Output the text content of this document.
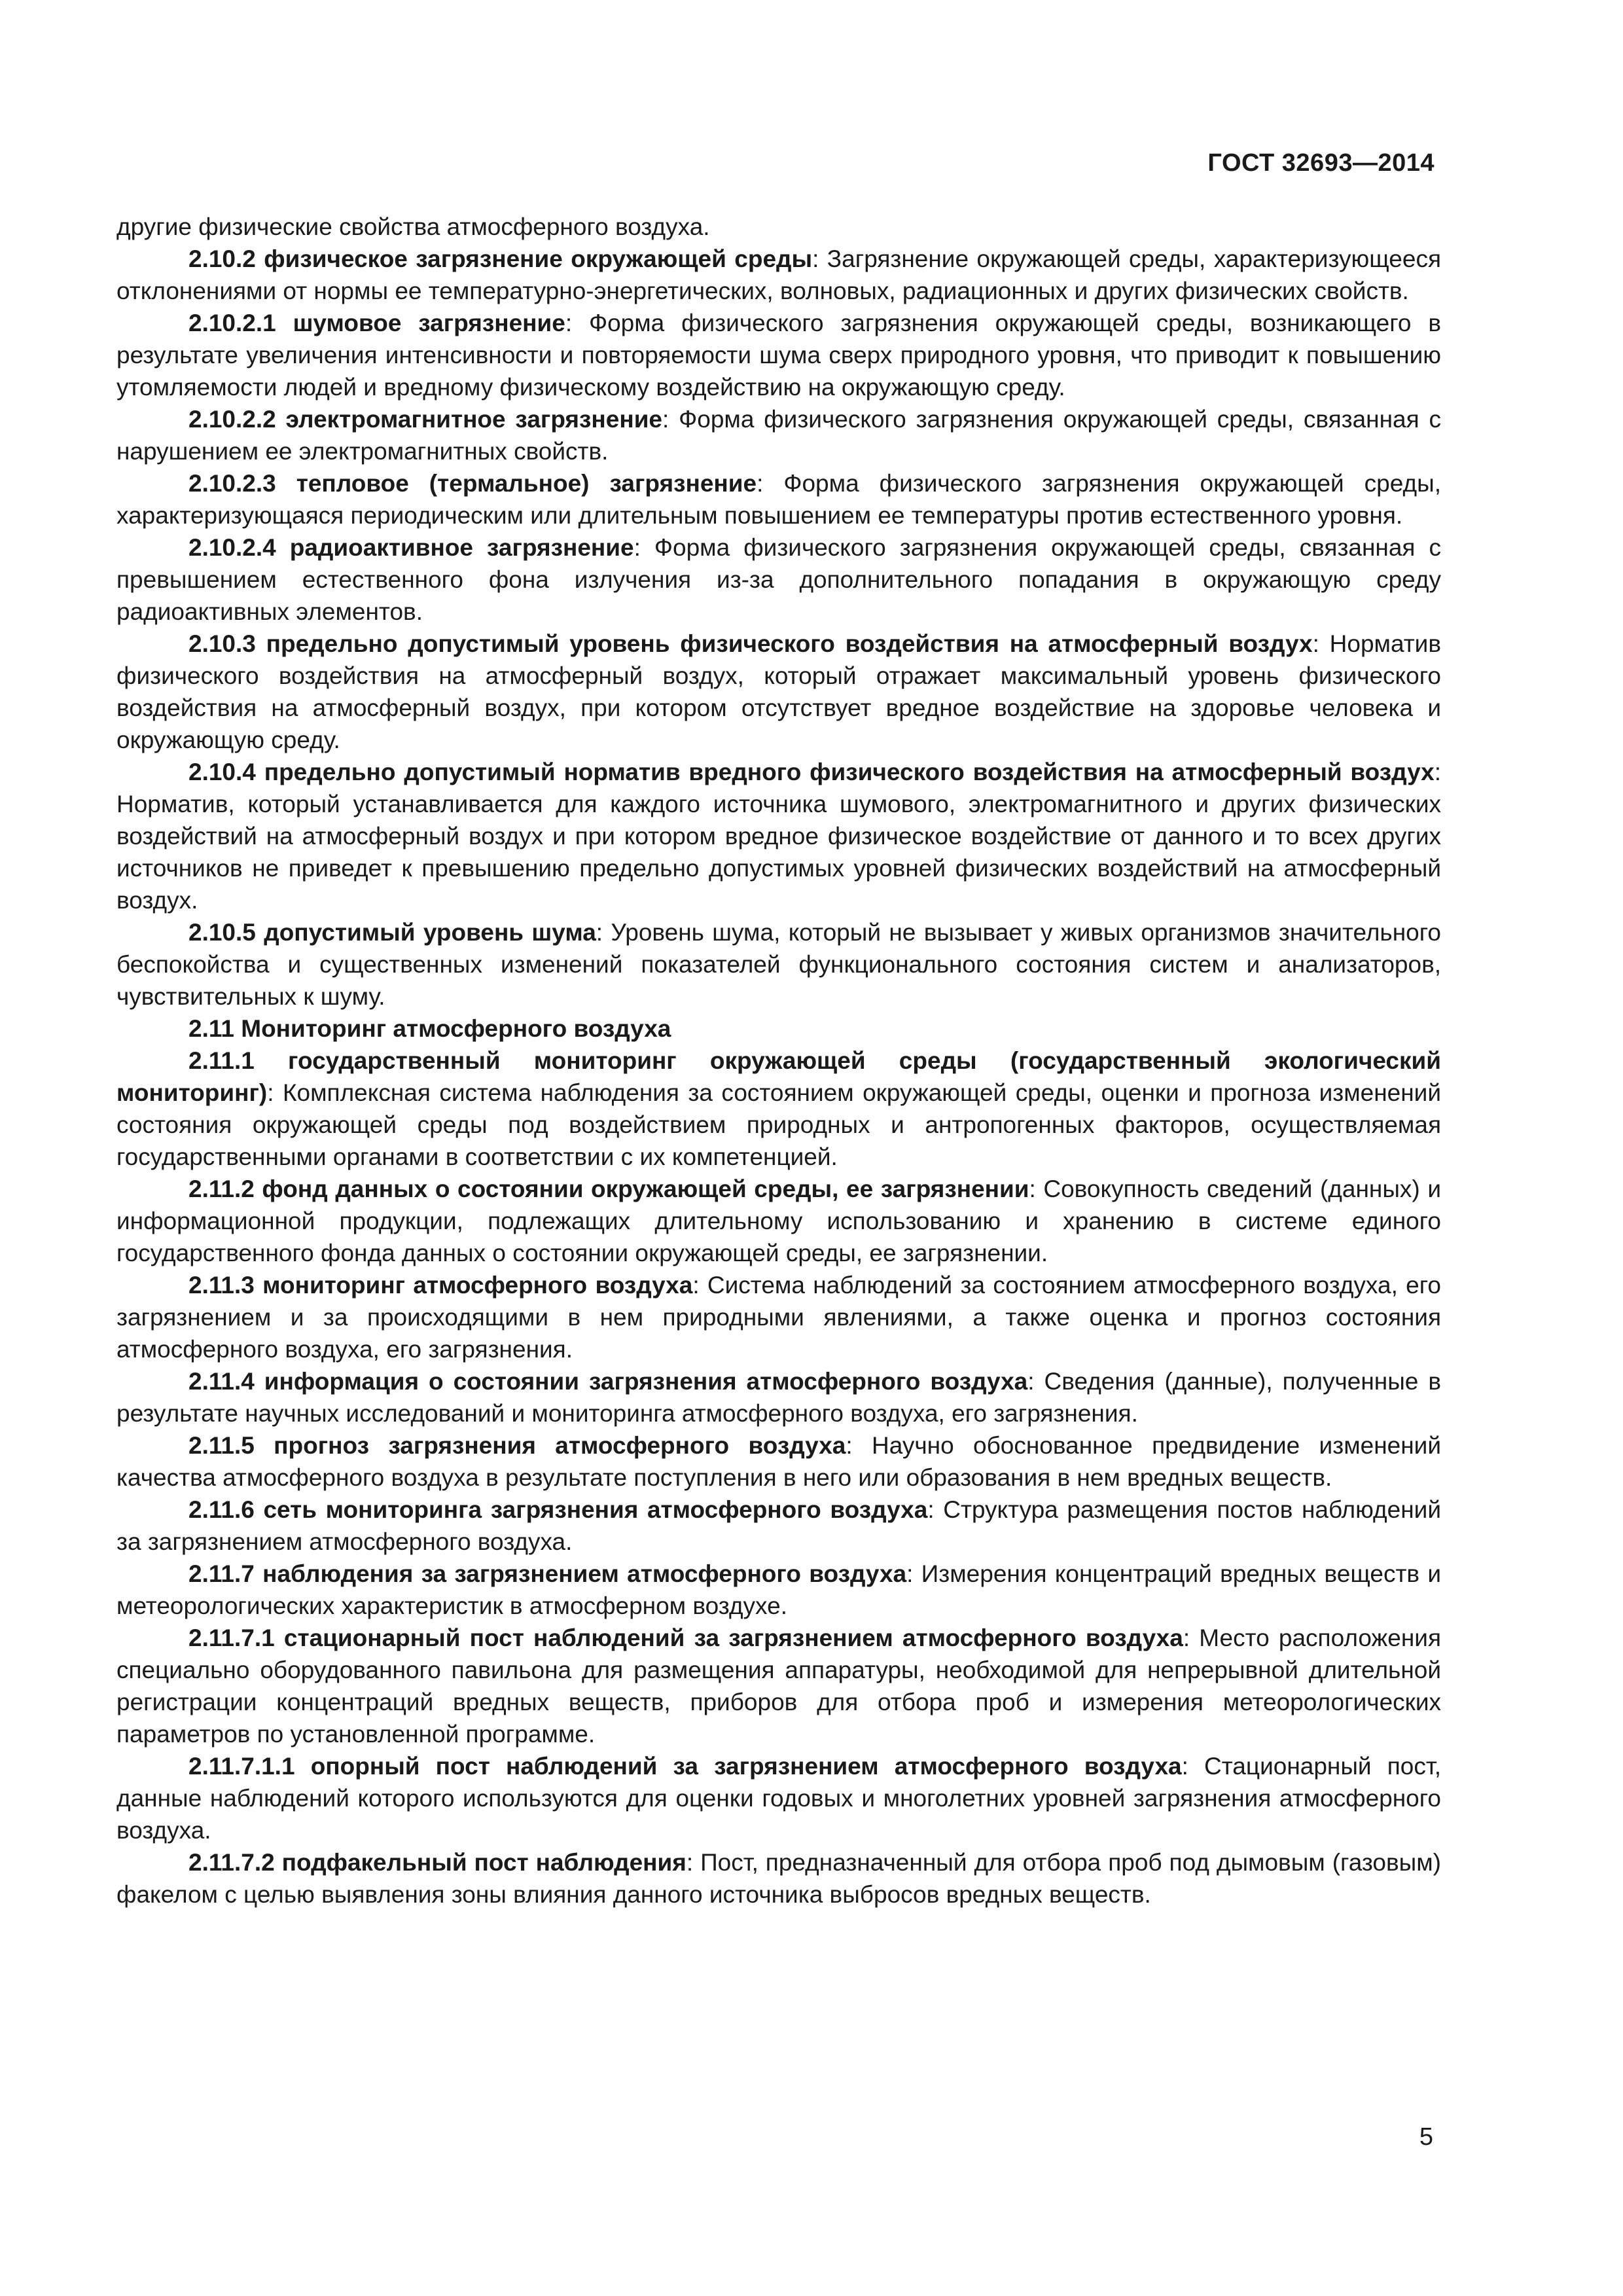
ГОСТ 32693—2014

другие физические свойства атмосферного воздуха.

2.10.2 физическое загрязнение окружающей среды: Загрязнение окружающей среды, характеризующееся отклонениями от нормы ее температурно-энергетических, волновых, радиационных и других физических свойств.

2.10.2.1 шумовое загрязнение: Форма физического загрязнения окружающей среды, возникающего в результате увеличения интенсивности и повторяемости шума сверх природного уровня, что приводит к повышению утомляемости людей и вредному физическому воздействию на окружающую среду.

2.10.2.2 электромагнитное загрязнение: Форма физического загрязнения окружающей среды, связанная с нарушением ее электромагнитных свойств.

2.10.2.3 тепловое (термальное) загрязнение: Форма физического загрязнения окружающей среды, характеризующаяся периодическим или длительным повышением ее температуры против естественного уровня.

2.10.2.4 радиоактивное загрязнение: Форма физического загрязнения окружающей среды, связанная с превышением естественного фона излучения из-за дополнительного попадания в окружающую среду радиоактивных элементов.

2.10.3 предельно допустимый уровень физического воздействия на атмосферный воздух: Норматив физического воздействия на атмосферный воздух, который отражает максимальный уровень физического воздействия на атмосферный воздух, при котором отсутствует вредное воздействие на здоровье человека и окружающую среду.

2.10.4 предельно допустимый норматив вредного физического воздействия на атмосферный воздух: Норматив, который устанавливается для каждого источника шумового, электромагнитного и других физических воздействий на атмосферный воздух и при котором вредное физическое воздействие от данного и то всех других источников не приведет к превышению предельно допустимых уровней физических воздействий на атмосферный воздух.

2.10.5 допустимый уровень шума: Уровень шума, который не вызывает у живых организмов значительного беспокойства и существенных изменений показателей функционального состояния систем и анализаторов, чувствительных к шуму.

2.11 Мониторинг атмосферного воздуха

2.11.1 государственный мониторинг окружающей среды (государственный экологический мониторинг): Комплексная система наблюдения за состоянием окружающей среды, оценки и прогноза изменений состояния окружающей среды под воздействием природных и антропогенных факторов, осуществляемая государственными органами в соответствии с их компетенцией.

2.11.2 фонд данных о состоянии окружающей среды, ее загрязнении: Совокупность сведений (данных) и информационной продукции, подлежащих длительному использованию и хранению в системе единого государственного фонда данных о состоянии окружающей среды, ее загрязнении.

2.11.3 мониторинг атмосферного воздуха: Система наблюдений за состоянием атмосферного воздуха, его загрязнением и за происходящими в нем природными явлениями, а также оценка и прогноз состояния атмосферного воздуха, его загрязнения.

2.11.4 информация о состоянии загрязнения атмосферного воздуха: Сведения (данные), полученные в результате научных исследований и мониторинга атмосферного воздуха, его загрязнения.

2.11.5 прогноз загрязнения атмосферного воздуха: Научно обоснованное предвидение изменений качества атмосферного воздуха в результате поступления в него или образования в нем вредных веществ.

2.11.6 сеть мониторинга загрязнения атмосферного воздуха: Структура размещения постов наблюдений за загрязнением атмосферного воздуха.

2.11.7 наблюдения за загрязнением атмосферного воздуха: Измерения концентраций вредных веществ и метеорологических характеристик в атмосферном воздухе.

2.11.7.1 стационарный пост наблюдений за загрязнением атмосферного воздуха: Место расположения специально оборудованного павильона для размещения аппаратуры, необходимой для непрерывной длительной регистрации концентраций вредных веществ, приборов для отбора проб и измерения метеорологических параметров по установленной программе.

2.11.7.1.1 опорный пост наблюдений за загрязнением атмосферного воздуха: Стационарный пост, данные наблюдений которого используются для оценки годовых и многолетних уровней загрязнения атмосферного воздуха.

2.11.7.2 подфакельный пост наблюдения: Пост, предназначенный для отбора проб под дымовым (газовым) факелом с целью выявления зоны влияния данного источника выбросов вредных веществ.

5
